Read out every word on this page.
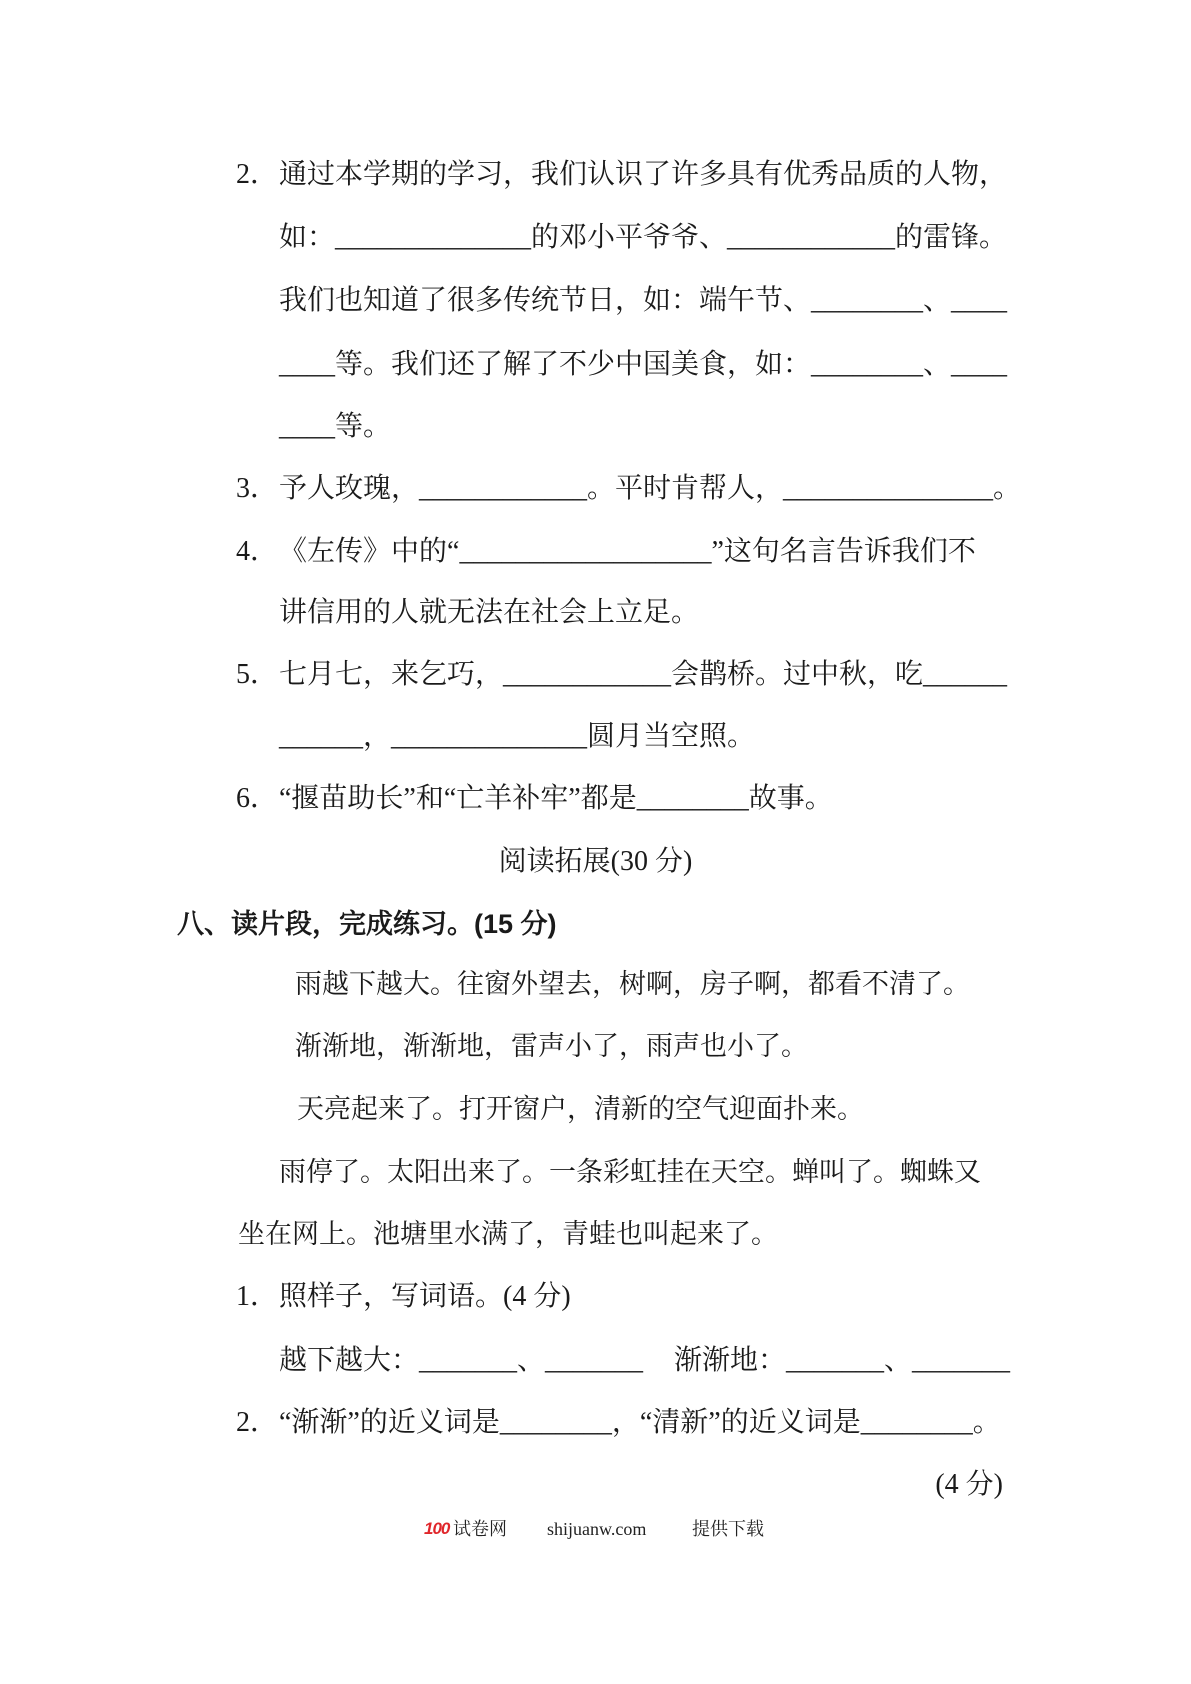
2． 通过本学期的学习，我们认识了许多具有优秀品质的人物，
如：______________的邓小平爷爷、____________的雷锋。
我们也知道了很多传统节日，如：端午节、________、____
____等。我们还了解了不少中国美食，如：________、____
____等。
3． 予人玫瑰，____________。平时肯帮人，_______________。
4． 《左传》中的“__________________”这句名言告诉我们不
讲信用的人就无法在社会上立足。
5． 七月七，来乞巧，____________会鹊桥。过中秋，吃______
______，______________圆月当空照。
6． “揠苗助长”和“亡羊补牢”都是________故事。
阅读拓展(30 分)
八、读片段，完成练习。(15 分)
雨越下越大。往窗外望去，树啊，房子啊，都看不清了。
渐渐地，渐渐地，雷声小了，雨声也小了。
天亮起来了。打开窗户，清新的空气迎面扑来。
雨停了。太阳出来了。一条彩虹挂在天空。蝉叫了。蜘蛛又
坐在网上。池塘里水满了，青蛙也叫起来了。
1． 照样子，写词语。(4 分)
越下越大：_______、_______ 渐渐地：_______、_______
2． “渐渐”的近义词是________，“清新”的近义词是________。
(4 分)
100 试卷网 shijuanw.com	提供下载
